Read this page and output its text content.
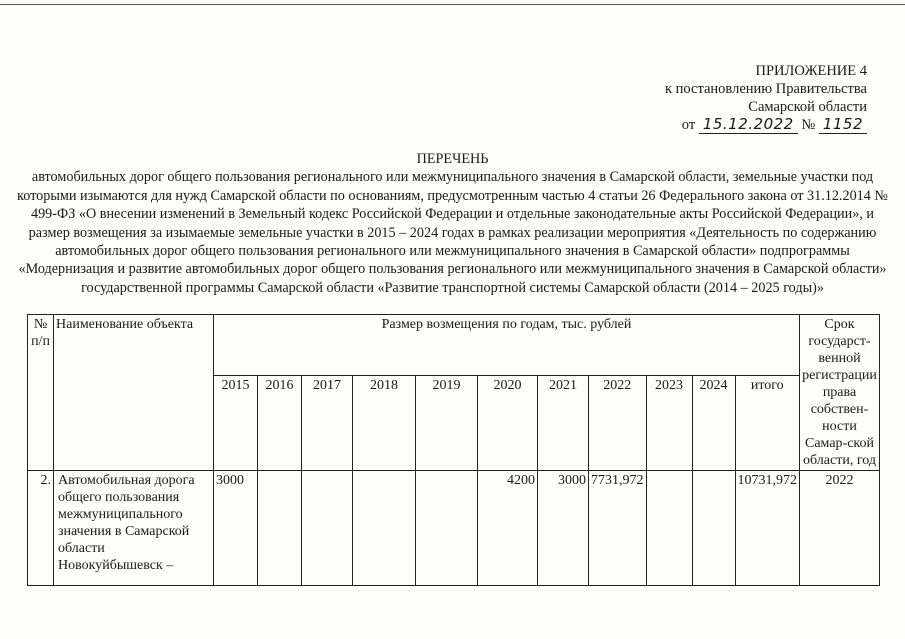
ПРИЛОЖЕНИЕ 4
к постановлению Правительства
Самарской области
от 15.12.2022 № 1152
ПЕРЕЧЕНЬ
автомобильных дорог общего пользования регионального или межмуниципального значения в Самарской области, земельные участки под которыми изымаются для нужд Самарской области по основаниям, предусмотренным частью 4 статьи 26 Федерального закона от 31.12.2014 № 499-ФЗ «О внесении изменений в Земельный кодекс Российской Федерации и отдельные законодательные акты Российской Федерации», и размер возмещения за изымаемые земельные участки в 2015 – 2024 годах в рамках реализации мероприятия «Деятельность по содержанию автомобильных дорог общего пользования регионального или межмуниципального значения в Самарской области» подпрограммы «Модернизация и развитие автомобильных дорог общего пользования регионального или межмуниципального значения в Самарской области» государственной программы Самарской области «Развитие транспортной системы Самарской области (2014 – 2025 годы)»
№ п/п	Наименование объекта	Размер возмещения по годам, тыс. рублей											Срок государст-венной регистрации права собствен-ности Самар-ской области, год
		2015	2016	2017	2018	2019	2020	2021	2022	2023	2024	итого	
2.	Автомобильная дорога общего пользования межмуниципального значения в Самарской области Новокуйбышевск –	3000					4200	3000	7731,972			10731,972	2022
